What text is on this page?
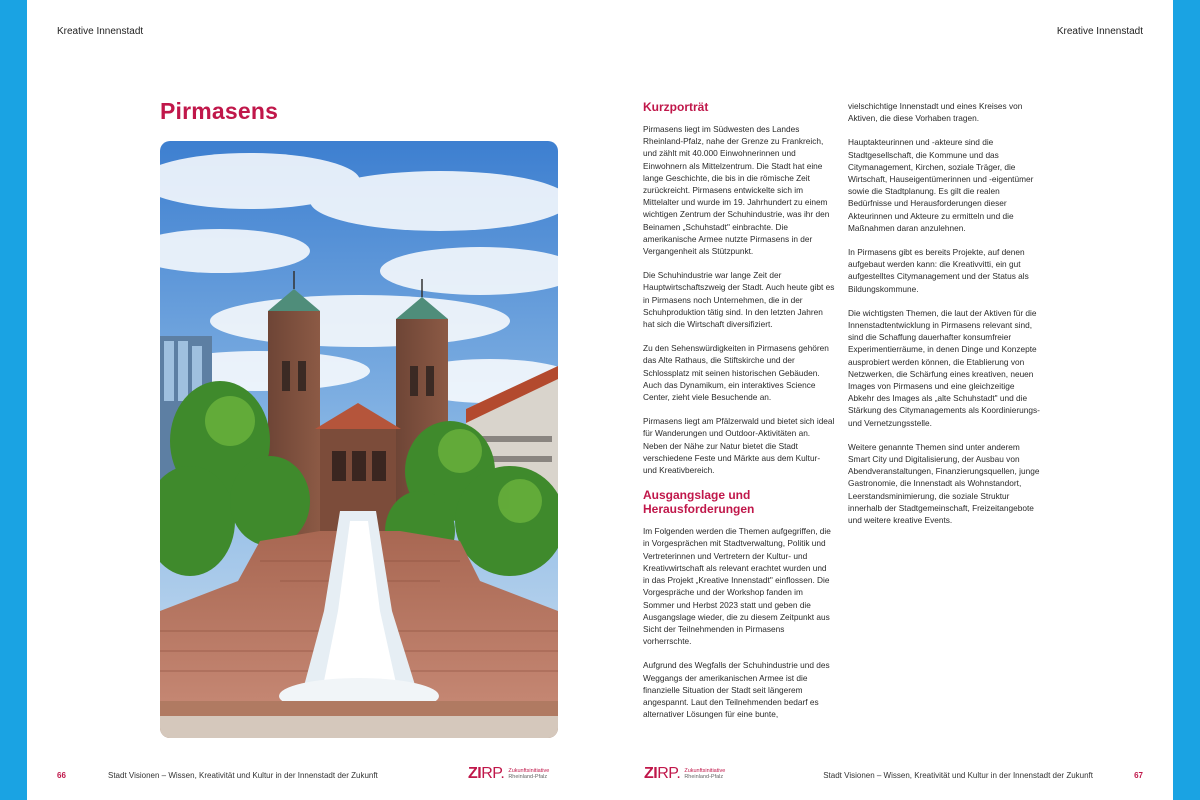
Kreative Innenstadt	Kreative Innenstadt
Pirmasens	Kurzporträt

Pirmasens liegt im Südwesten des Landes Rheinland-Pfalz, nahe der Grenze zu Frankreich, und zählt mit 40.000 Einwohnerinnen und Einwohnern als Mittelzentrum. Die Stadt hat eine lange Geschichte, die bis in die römische Zeit zurückreicht. Pirmasens entwickelte sich im Mittelalter und wurde im 19. Jahrhundert zu einem wichtigen Zentrum der Schuhindustrie, was ihr den Beinamen „Schuhstadt" einbrachte. Die amerikanische Armee nutzte Pirmasens in der Vergangenheit als Stützpunkt.

Die Schuhindustrie war lange Zeit der Hauptwirtschaftszweig der Stadt. Auch heute gibt es in Pirmasens noch Unternehmen, die in der Schuhproduktion tätig sind. In den letzten Jahren hat sich die Wirtschaft diversifiziert.

Zu den Sehenswürdigkeiten in Pirmasens gehören das Alte Rathaus, die Stiftskirche und der Schlossplatz mit seinen historischen Gebäuden. Auch das Dynamikum, ein interaktives Science Center, zieht viele Besuchende an.

Pirmasens liegt am Pfälzerwald und bietet sich ideal für Wanderungen und Outdoor-Aktivitäten an. Neben der Nähe zur Natur bietet die Stadt verschiedene Feste und Märkte aus dem Kultur- und Kreativbereich.

Ausgangslage und Herausforderungen

Im Folgenden werden die Themen aufgegriffen, die in Vorgesprächen mit Stadtverwaltung, Politik und Vertreterinnen und Vertretern der Kultur- und Kreativwirtschaft als relevant erachtet wurden und in das Projekt „Kreative Innenstadt" einflossen. Die Vorgespräche und der Workshop fanden im Sommer und Herbst 2023 statt und geben die Ausgangslage wieder, die zu diesem Zeitpunkt aus Sicht der Teilnehmenden in Pirmasens vorherrschte.

Aufgrund des Wegfalls der Schuhindustrie und des Weggangs der amerikanischen Armee ist die finanzielle Situation der Stadt seit längerem angespannt. Laut den Teilnehmenden bedarf es alternativer Lösungen für eine bunte,

vielschichtige Innenstadt und eines Kreises von Aktiven, die diese Vorhaben tragen.

Hauptakteurinnen und -akteure sind die Stadtgesellschaft, die Kommune und das Citymanagement, Kirchen, soziale Träger, die Wirtschaft, Hauseigentümerinnen und -eigentümer sowie die Stadtplanung. Es gilt die realen Bedürfnisse und Herausforderungen dieser Akteurinnen und Akteure zu ermitteln und die Maßnahmen daran anzulehnen.

In Pirmasens gibt es bereits Projekte, auf denen aufgebaut werden kann: die Kreativvitti, ein gut aufgestelltes Citymanagement und der Status als Bildungskommune.

Die wichtigsten Themen, die laut der Aktiven für die Innenstadtentwicklung in Pirmasens relevant sind, sind die Schaffung dauerhafter konsumfreier Experimentierräume, in denen Dinge und Konzepte ausprobiert werden können, die Etablierung von Netzwerken, die Schärfung eines kreativen, neuen Images von Pirmasens und eine gleichzeitige Abkehr des Images als „alte Schuhstadt" und die Stärkung des Citymanagements als Koordinierungs- und Vernetzungsstelle.

Weitere genannte Themen sind unter anderem Smart City und Digitalisierung, der Ausbau von Abendveranstaltungen, Finanzierungsquellen, junge Gastronomie, die Innenstadt als Wohnstandort, Leerstandsminimierung, die soziale Struktur innerhalb der Stadtgemeinschaft, Freizeitangebote und weitere kreative Events.

66	Stadt Visionen – Wissen, Kreativität und Kultur in der Innenstadt der Zukunft	ZIRP. Zukunftsinitiative
Rheinland-Pfalz	ZIRP. Zukunftsinitiative
Rheinland-Pfalz	Stadt Visionen – Wissen, Kreativität und Kultur in der Innenstadt der Zukunft	67
